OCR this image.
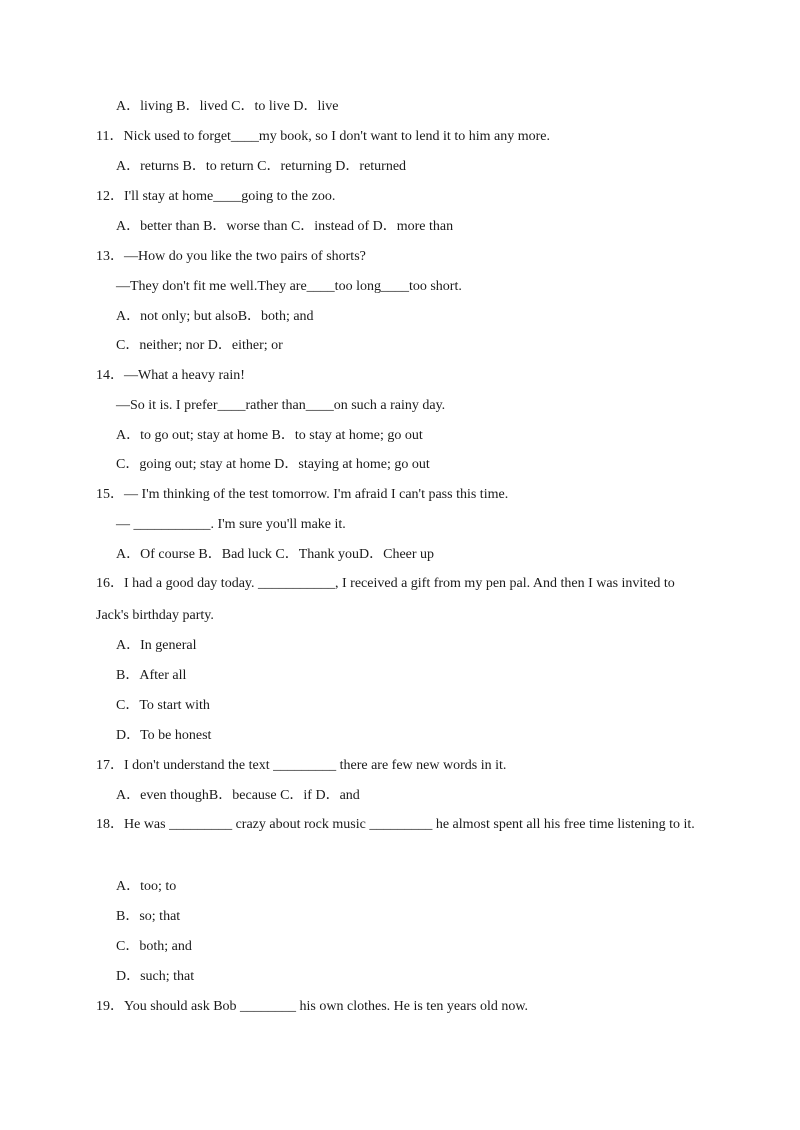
A．living B．lived C．to live D．live
11．Nick used to forget____my book, so I don't want to lend it to him any more.
A．returns B．to return C．returning D．returned
12．I'll stay at home____going to the zoo.
A．better than B．worse than C．instead of D．more than
13．—How do you like the two pairs of shorts?
—They don't fit me well.They are____too long____too short.
A．not only; but alsoB．both; and
C．neither; nor D．either; or
14．—What a heavy rain!
—So it is. I prefer____rather than____on such a rainy day.
A．to go out; stay at home B．to stay at home; go out
C．going out; stay at home D．staying at home; go out
15．— I'm thinking of the test tomorrow. I'm afraid I can't pass this time.
— ___________. I'm sure you'll make it.
A．Of course B．Bad luck C．Thank youD．Cheer up
16．I had a good day today. ___________, I received a gift from my pen pal. And then I was invited to Jack's birthday party.
A．In general
B．After all
C．To start with
D．To be honest
17．I don't understand the text _________ there are few new words in it.
A．even thoughB．because C．if D．and
18．He was _________ crazy about rock music _________ he almost spent all his free time listening to it.
A．too; to
B．so; that
C．both; and
D．such; that
19．You should ask Bob ________ his own clothes. He is ten years old now.
